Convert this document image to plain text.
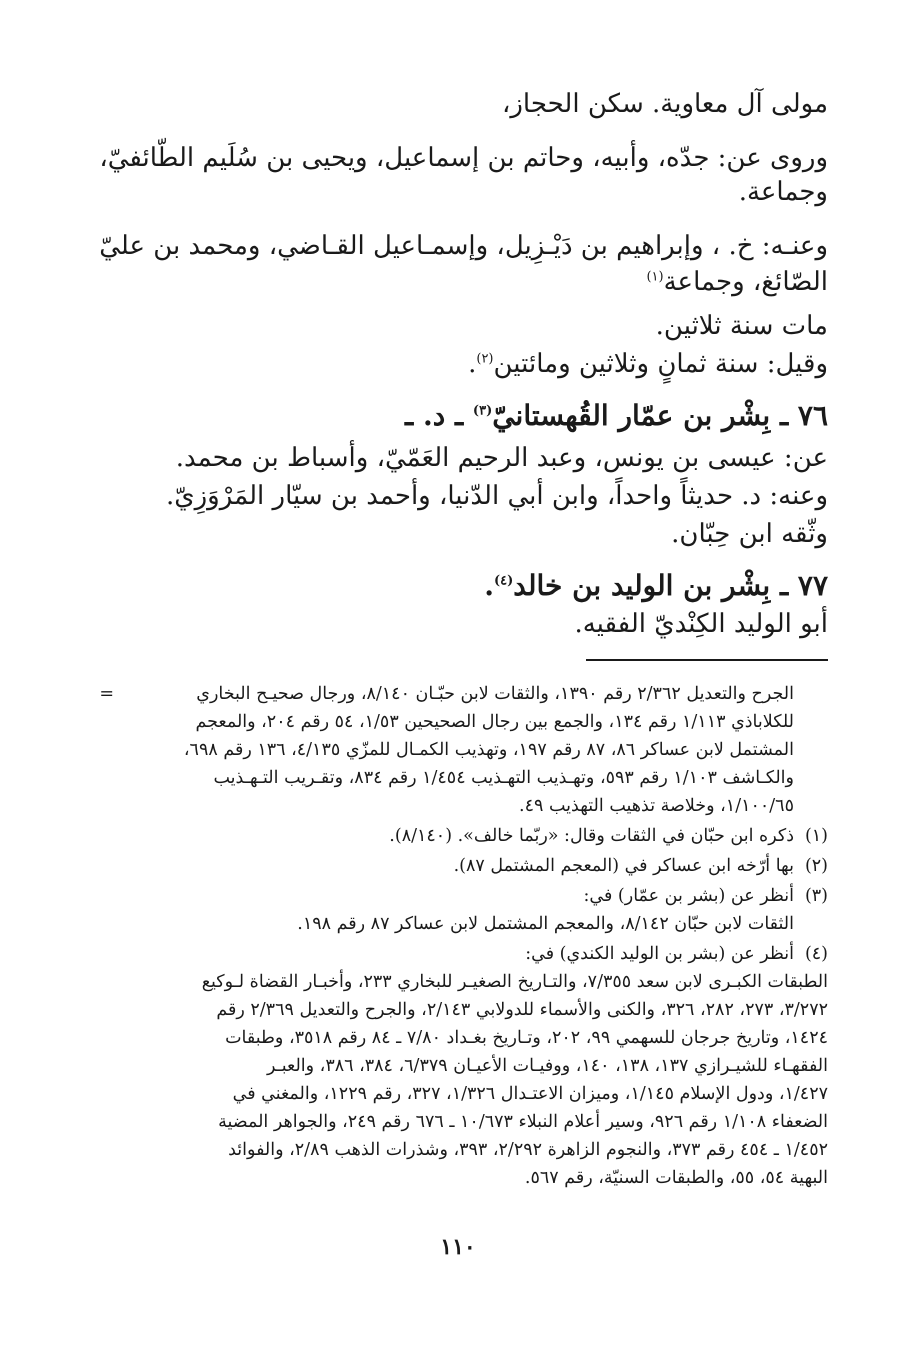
مولى آل معاوية. سكن الحجاز،
وروى عن: جدّه، وأبيه، وحاتم بن إسماعيل، ويحيى بن سُلَيم الطّائفيّ،
وجماعة.
وعنـه: خ. ، وإبراهيم بن دَيْـزِيل، وإسمـاعيل القـاضي، ومحمد بن عليّ
الصّائغ، وجماعة$^{(١)}$
مات سنة ثلاثين.
وقيل: سنة ثمانٍ وثلاثين ومائتين$^{(٢)}$.
٧٦ ـ بِشْر بن عمّار القُهستانيّ$^{(٣)}$ ـ د. ـ
عن: عيسى بن يونس، وعبد الرحيم العَمّيّ، وأسباط بن محمد.
وعنه: د. حديثاً واحداً، وابن أبي الدّنيا، وأحمد بن سيّار المَرْوَزِيّ.
وثّقه ابن حِبّان.
٧٧ ـ بِشْر بن الوليد بن خالد$^{(٤)}$.
أبو الوليد الكِنْديّ الفقيه.
=	الجرح والتعديل ٢/٣٦٢ رقم ١٣٩٠، والثقات لابن حبّـان ٨/١٤٠، ورجال صحيـح البخاري
للكلاباذي ١/١١٣ رقم ١٣٤، والجمع بين رجال الصحيحين ١/٥٣، ٥٤ رقم ٢٠٤، والمعجم
المشتمل لابن عساكر ٨٦، ٨٧ رقم ١٩٧، وتهذيب الكمـال للمزّي ٤/١٣٥، ١٣٦ رقم ٦٩٨،
والكـاشف ١/١٠٣ رقم ٥٩٣، وتهـذيب التهـذيب ١/٤٥٤ رقم ٨٣٤، وتقـريب التـهـذيب
١/١٠٠/٦٥، وخلاصة تذهيب التهذيب ٤٩.
(١)
ذكره ابن حبّان في الثقات وقال: «ربّما خالف». (٨/١٤٠).
(٢)
بها أرّخه ابن عساكر في (المعجم المشتمل ٨٧).
(٣)
أنظر عن (بشر بن عمّار) في:
الثقات لابن حبّان ٨/١٤٢، والمعجم المشتمل لابن عساكر ٨٧ رقم ١٩٨.
(٤)
أنظر عن (بشر بن الوليد الكندي) في:
الطبقات الكبـرى لابن سعد ٧/٣٥٥، والتـاريخ الصغيـر للبخاري ٢٣٣، وأخبـار القضاة لـوكيع
٣/٢٧٢، ٢٧٣، ٢٨٢، ٣٢٦، والكنى والأسماء للدولابي ٢/١٤٣، والجرح والتعديل ٢/٣٦٩ رقم
١٤٢٤، وتاريخ جرجان للسهمي ٩٩، ٢٠٢، وتـاريخ بغـداد ٧/٨٠ ـ ٨٤ رقم ٣٥١٨، وطبقات
الفقهـاء للشيـرازي ١٣٧، ١٣٨، ١٤٠، ووفيـات الأعيـان ٦/٣٧٩، ٣٨٤، ٣٨٦، والعبـر
١/٤٢٧، ودول الإسلام ١/١٤٥، وميزان الاعتـدال ١/٣٢٦، ٣٢٧، رقم ١٢٢٩، والمغني في
الضعفاء ١/١٠٨ رقم ٩٢٦، وسير أعلام النبلاء ١٠/٦٧٣ ـ ٦٧٦ رقم ٢٤٩، والجواهر المضية
١/٤٥٢ ـ ٤٥٤ رقم ٣٧٣، والنجوم الزاهرة ٢/٢٩٢، ٣٩٣، وشذرات الذهب ٢/٨٩، والفوائد
البهية ٥٤، ٥٥، والطبقات السنيّة، رقم ٥٦٧.
١١٠
